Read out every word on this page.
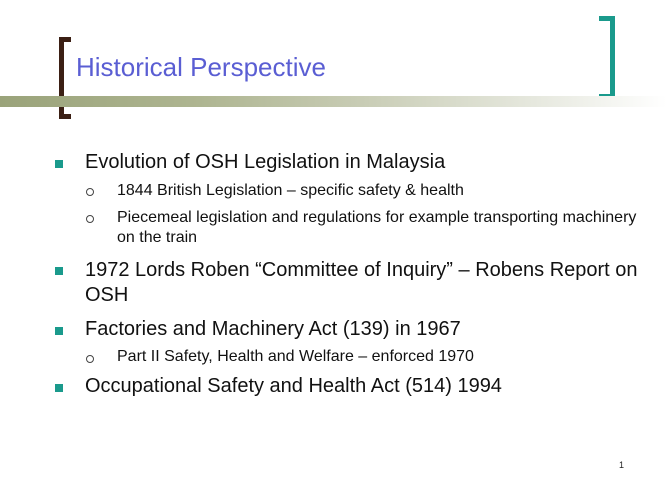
Historical Perspective
Evolution of OSH Legislation in Malaysia
1844 British Legislation – specific safety & health
Piecemeal legislation and regulations for example transporting machinery on the train
1972 Lords Roben “Committee of Inquiry” – Robens Report on OSH
Factories and Machinery Act (139) in 1967
Part II Safety, Health and Welfare – enforced 1970
Occupational Safety and Health Act (514) 1994
1
